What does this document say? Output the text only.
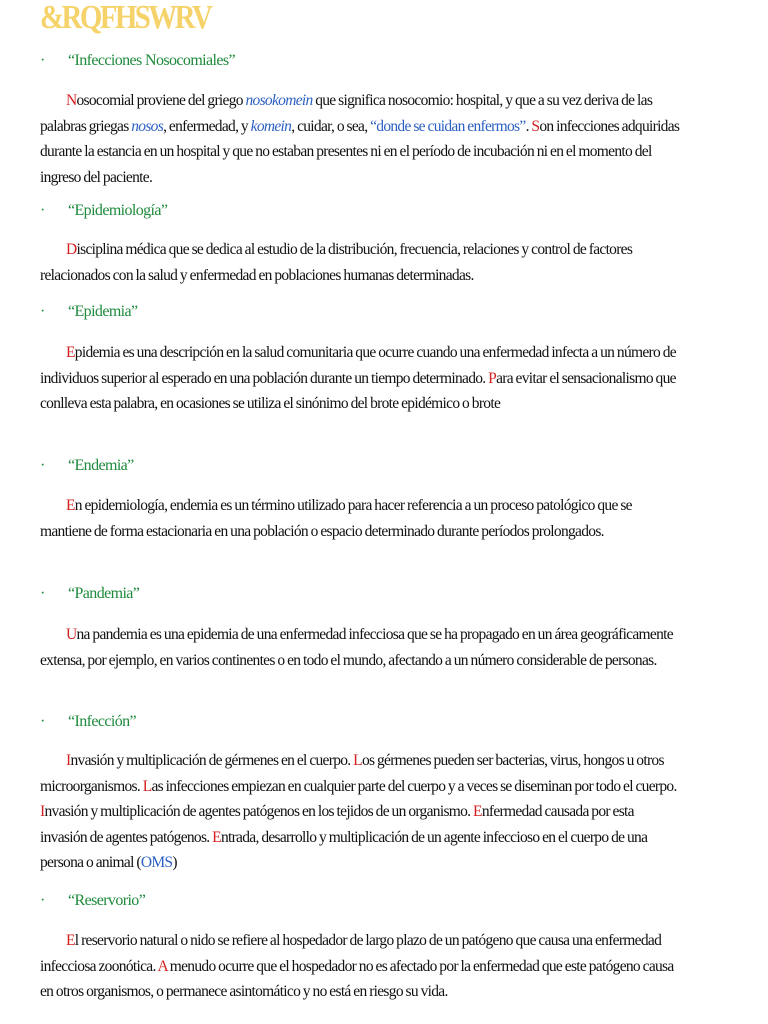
&RQFHSWRV
· “Infecciones Nosocomiales”
Nosocomial proviene del griego nosokomein que significa nosocomio: hospital, y que a su vez deriva de las palabras griegas nosos, enfermedad, y komein, cuidar, o sea, “donde se cuidan enfermos”. Son infecciones adquiridas durante la estancia en un hospital y que no estaban presentes ni en el período de incubación ni en el momento del ingreso del paciente.
· “Epidemiología”
Disciplina médica que se dedica al estudio de la distribución, frecuencia, relaciones y control de factores relacionados con la salud y enfermedad en poblaciones humanas determinadas.
· “Epidemia”
Epidemia es una descripción en la salud comunitaria que ocurre cuando una enfermedad infecta a un número de individuos superior al esperado en una población durante un tiempo determinado. Para evitar el sensacionalismo que conlleva esta palabra, en ocasiones se utiliza el sinónimo del brote epidémico o brote
· “Endemia”
En epidemiología, endemia es un término utilizado para hacer referencia a un proceso patológico que se mantiene de forma estacionaria en una población o espacio determinado durante períodos prolongados.
· “Pandemia”
Una pandemia es una epidemia de una enfermedad infecciosa que se ha propagado en un área geográficamente extensa, por ejemplo, en varios continentes o en todo el mundo, afectando a un número considerable de personas.
· “Infección”
Invasión y multiplicación de gérmenes en el cuerpo. Los gérmenes pueden ser bacterias, virus, hongos u otros microorganismos. Las infecciones empiezan en cualquier parte del cuerpo y a veces se diseminan por todo el cuerpo. Invasión y multiplicación de agentes patógenos en los tejidos de un organismo. Enfermedad causada por esta invasión de agentes patógenos. Entrada, desarrollo y multiplicación de un agente infeccioso en el cuerpo de una persona o animal (OMS)
· “Reservorio”
El reservorio natural o nido se refiere al hospedador de largo plazo de un patógeno que causa una enfermedad infecciosa zoonótica. A menudo ocurre que el hospedador no es afectado por la enfermedad que este patógeno causa en otros organismos, o permanece asintomático y no está en riesgo su vida.
